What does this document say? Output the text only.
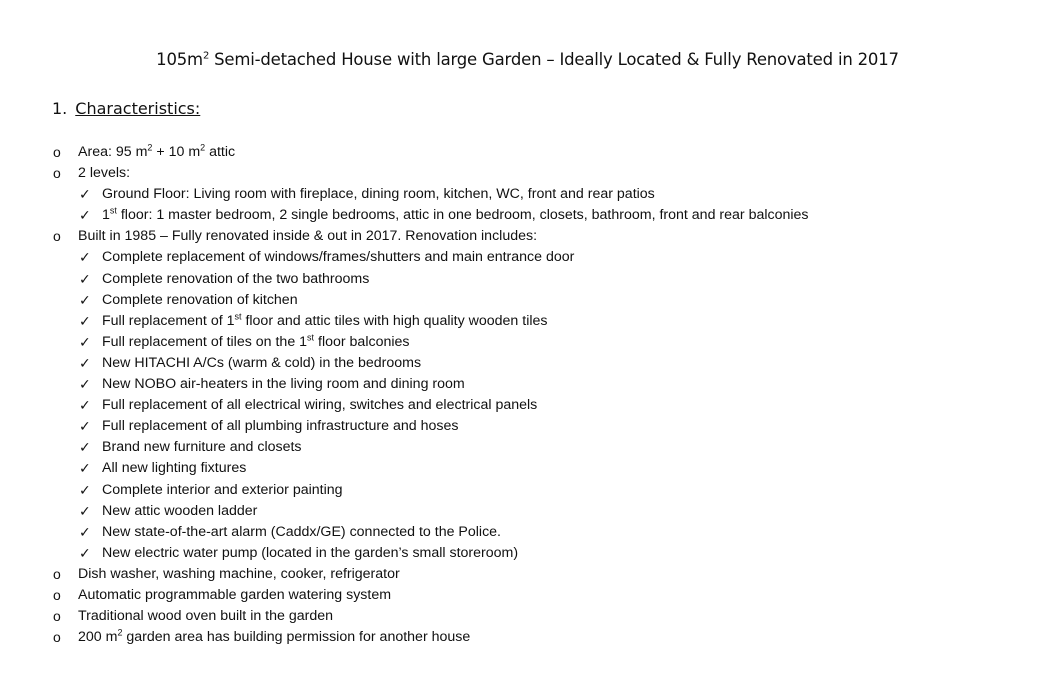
$105m^2$ Semi-detached House with large Garden – Ideally Located & Fully Renovated in 2017
1. Characteristics:
o Area: 95 $m^2 + 10$ $m^2$ attic
o 2 levels:
✓ Ground Floor: Living room with fireplace, dining room, kitchen, WC, front and rear patios
✓ 1st floor: 1 master bedroom, 2 single bedrooms, attic in one bedroom, closets, bathroom, front and rear balconies
o Built in 1985 – Fully renovated inside & out in 2017. Renovation includes:
✓ Complete replacement of windows/frames/shutters and main entrance door
✓ Complete renovation of the two bathrooms
✓ Complete renovation of kitchen
✓ Full replacement of 1st floor and attic tiles with high quality wooden tiles
✓ Full replacement of tiles on the 1st floor balconies
✓ New HITACHI A/Cs (warm & cold) in the bedrooms
✓ New NOBO air-heaters in the living room and dining room
✓ Full replacement of all electrical wiring, switches and electrical panels
✓ Full replacement of all plumbing infrastructure and hoses
✓ Brand new furniture and closets
✓ All new lighting fixtures
✓ Complete interior and exterior painting
✓ New attic wooden ladder
✓ New state-of-the-art alarm (Caddx/GE) connected to the Police.
✓ New electric water pump (located in the garden’s small storeroom)
o Dish washer, washing machine, cooker, refrigerator
o Automatic programmable garden watering system
o Traditional wood oven built in the garden
o 200 $m^2$ garden area has building permission for another house
